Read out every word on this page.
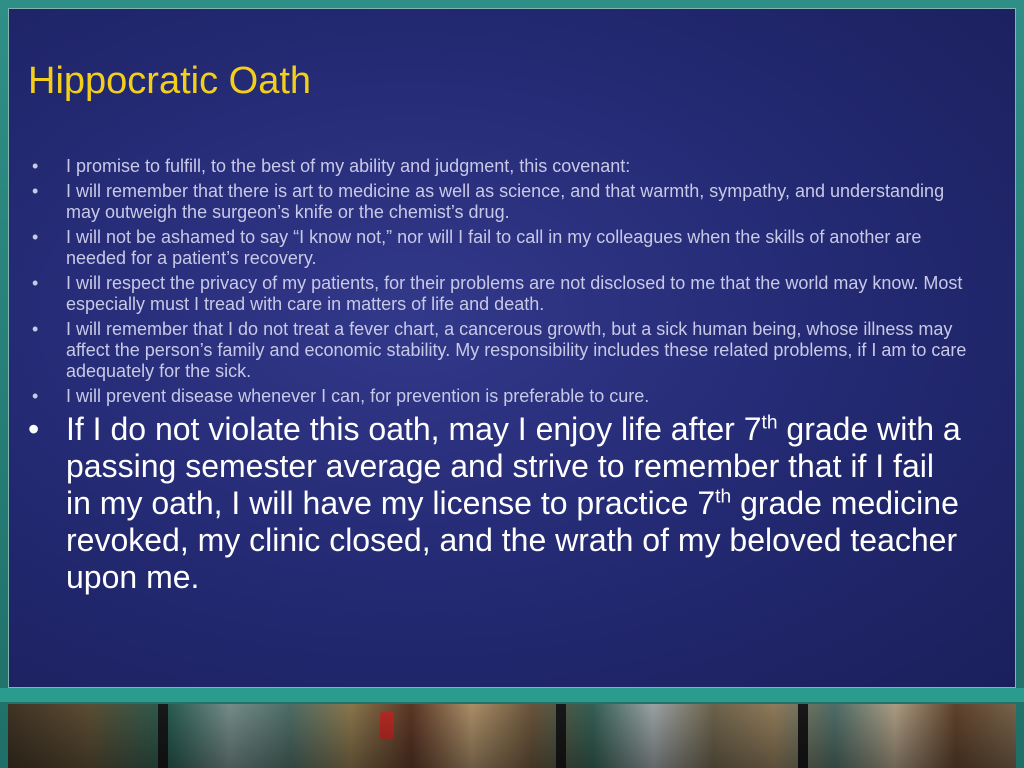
Hippocratic Oath
• I promise to fulfill, to the best of my ability and judgment, this covenant:
• I will remember that there is art to medicine as well as science, and that warmth, sympathy, and understanding may outweigh the surgeon’s knife or the chemist’s drug.
• I will not be ashamed to say “I know not,” nor will I fail to call in my colleagues when the skills of another are needed for a patient’s recovery.
• I will respect the privacy of my patients, for their problems are not disclosed to me that the world may know. Most especially must I tread with care in matters of life and death.
• I will remember that I do not treat a fever chart, a cancerous growth, but a sick human being, whose illness may affect the person’s family and economic stability. My responsibility includes these related problems, if I am to care adequately for the sick.
• I will prevent disease whenever I can, for prevention is preferable to cure.
• If I do not violate this oath, may I enjoy life after 7th grade with a passing semester average and strive to remember that if I fail in my oath, I will have my license to practice 7th grade medicine revoked, my clinic closed, and the wrath of my beloved teacher upon me.
